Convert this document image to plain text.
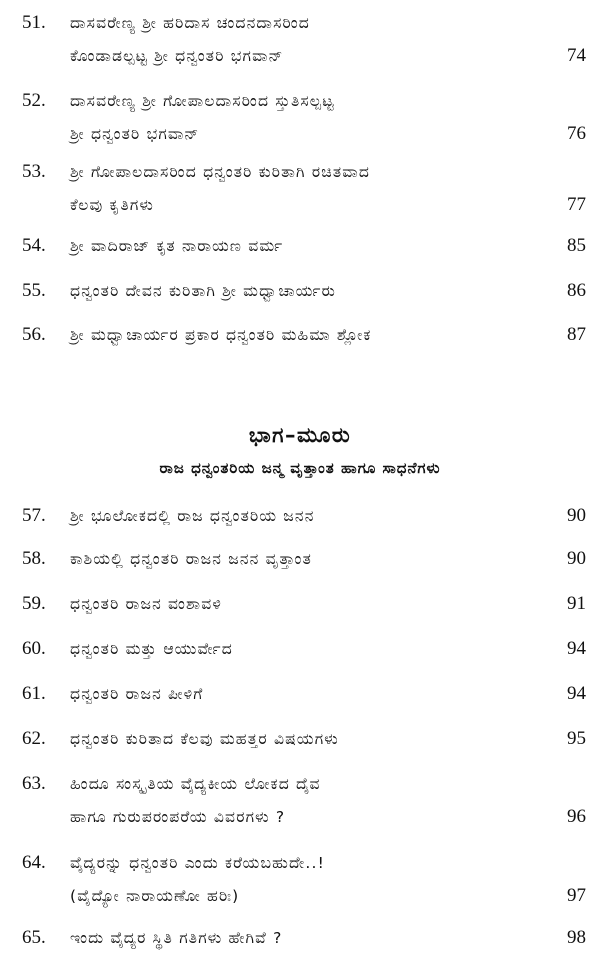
51. ದಾಸವರೇಣ್ಯ ಶ್ರೀ ಹರಿದಾಸ ಚಂದನದಾಸರಿಂದ
ಕೊಂಡಾಡಲ್ಪಟ್ಟ ಶ್ರೀ ಧನ್ವಂತರಿ ಭಗವಾನ್	74
52. ದಾಸವರೇಣ್ಯ ಶ್ರೀ ಗೋಪಾಲದಾಸರಿಂದ ಸ್ತುತಿಸಲ್ಪಟ್ಟ
ಶ್ರೀ ಧನ್ವಂತರಿ ಭಗವಾನ್	76
53. ಶ್ರೀ ಗೋಪಾಲದಾಸರಿಂದ ಧನ್ವಂತರಿ ಕುರಿತಾಗಿ ರಚಿತವಾದ
ಕೆಲವು ಕೃತಿಗಳು	77
54. ಶ್ರೀ ವಾದಿರಾಜ್ ಕೃತ ನಾರಾಯಣ ವರ್ಮ	85
55. ಧನ್ವಂತರಿ ದೇವನ ಕುರಿತಾಗಿ ಶ್ರೀ ಮಧ್ವಾಚಾರ್ಯರು	86
56. ಶ್ರೀ ಮಧ್ವಾಚಾರ್ಯರ ಪ್ರಕಾರ ಧನ್ವಂತರಿ ಮಹಿಮಾ ಶ್ಲೋಕ	87
ಭಾಗ–ಮೂರು
ರಾಜ ಧನ್ವಂತರಿಯ ಜನ್ಮ ವೃತ್ತಾಂತ ಹಾಗೂ ಸಾಧನೆಗಳು
57. ಶ್ರೀ ಭೂಲೋಕದಲ್ಲಿ ರಾಜ ಧನ್ವಂತರಿಯ ಜನನ	90
58. ಕಾಶಿಯಲ್ಲಿ ಧನ್ವಂತರಿ ರಾಜನ ಜನನ ವೃತ್ತಾಂತ	90
59. ಧನ್ವಂತರಿ ರಾಜನ ವಂಶಾವಳಿ	91
60. ಧನ್ವಂತರಿ ಮತ್ತು ಆಯುರ್ವೇದ	94
61. ಧನ್ವಂತರಿ ರಾಜನ ಪೀಳಿಗೆ	94
62. ಧನ್ವಂತರಿ ಕುರಿತಾದ ಕೆಲವು ಮಹತ್ತರ ವಿಷಯಗಳು	95
63. ಹಿಂದೂ ಸಂಸ್ಕೃತಿಯ ವೈದ್ಯಕೀಯ ಲೋಕದ ದೈವ
ಹಾಗೂ ಗುರುಪರಂಪರೆಯ ವಿವರಗಳು ?	96
64. ವೈದ್ಯರನ್ನು ಧನ್ವಂತರಿ ಎಂದು ಕರೆಯಬಹುದೇ..!
(ವೈದ್ಯೋ ನಾರಾಯಣೋ ಹರಿಃ)	97
65. ಇಂದು ವೈದ್ಯರ ಸ್ಥಿತಿ ಗತಿಗಳು ಹೇಗಿವೆ ?	98
